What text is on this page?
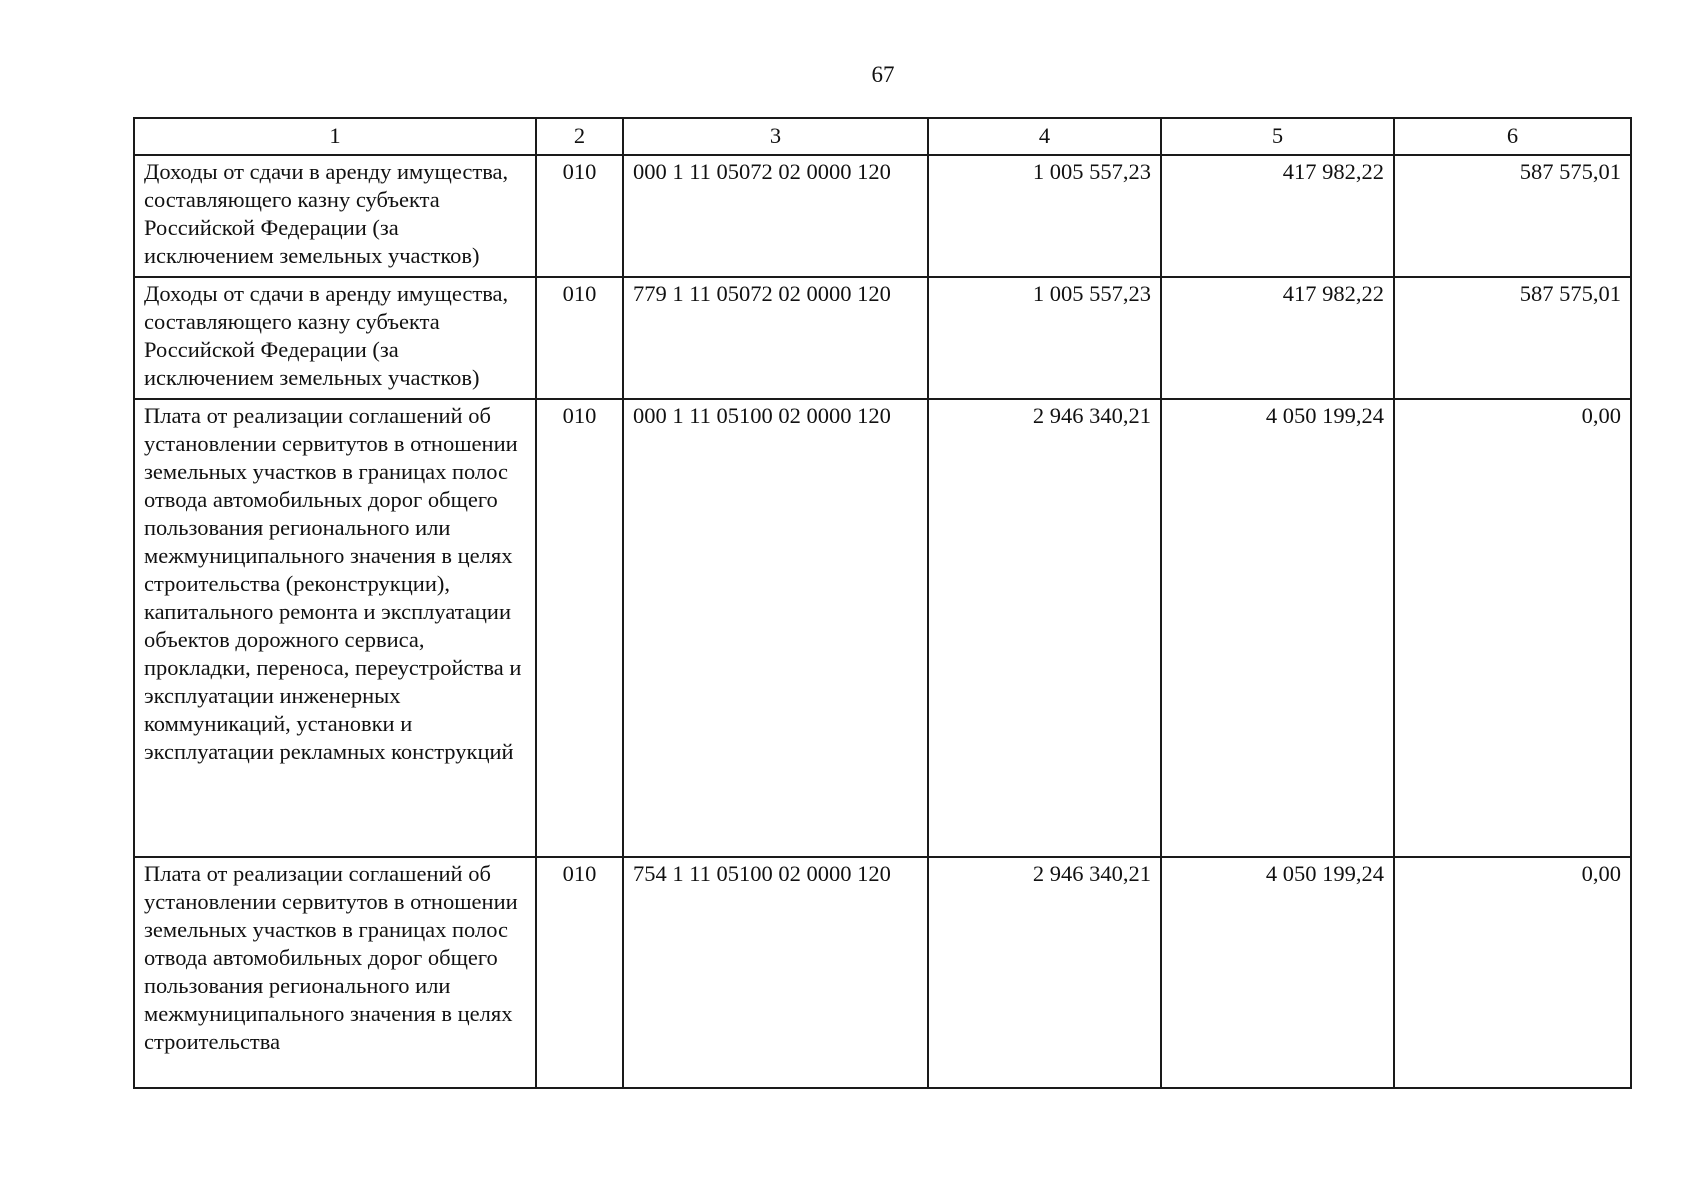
67
1	2	3	4	5	6
Доходы от сдачи в аренду имущества, составляющего казну субъекта Российской Федерации (за исключением земельных участков)	010	000 1 11 05072 02 0000 120	1 005 557,23	417 982,22	587 575,01
Доходы от сдачи в аренду имущества, составляющего казну субъекта Российской Федерации (за исключением земельных участков)	010	779 1 11 05072 02 0000 120	1 005 557,23	417 982,22	587 575,01
Плата от реализации соглашений об установлении сервитутов в отношении земельных участков в границах полос отвода автомобильных дорог общего пользования регионального или межмуниципального значения в целях строительства (реконструкции), капитального ремонта и эксплуатации объектов дорожного сервиса, прокладки, переноса, переустройства и эксплуатации инженерных коммуникаций, установки и эксплуатации рекламных конструкций	010	000 1 11 05100 02 0000 120	2 946 340,21	4 050 199,24	0,00
Плата от реализации соглашений об установлении сервитутов в отношении земельных участков в границах полос отвода автомобильных дорог общего пользования регионального или межмуниципального значения в целях строительства	010	754 1 11 05100 02 0000 120	2 946 340,21	4 050 199,24	0,00
